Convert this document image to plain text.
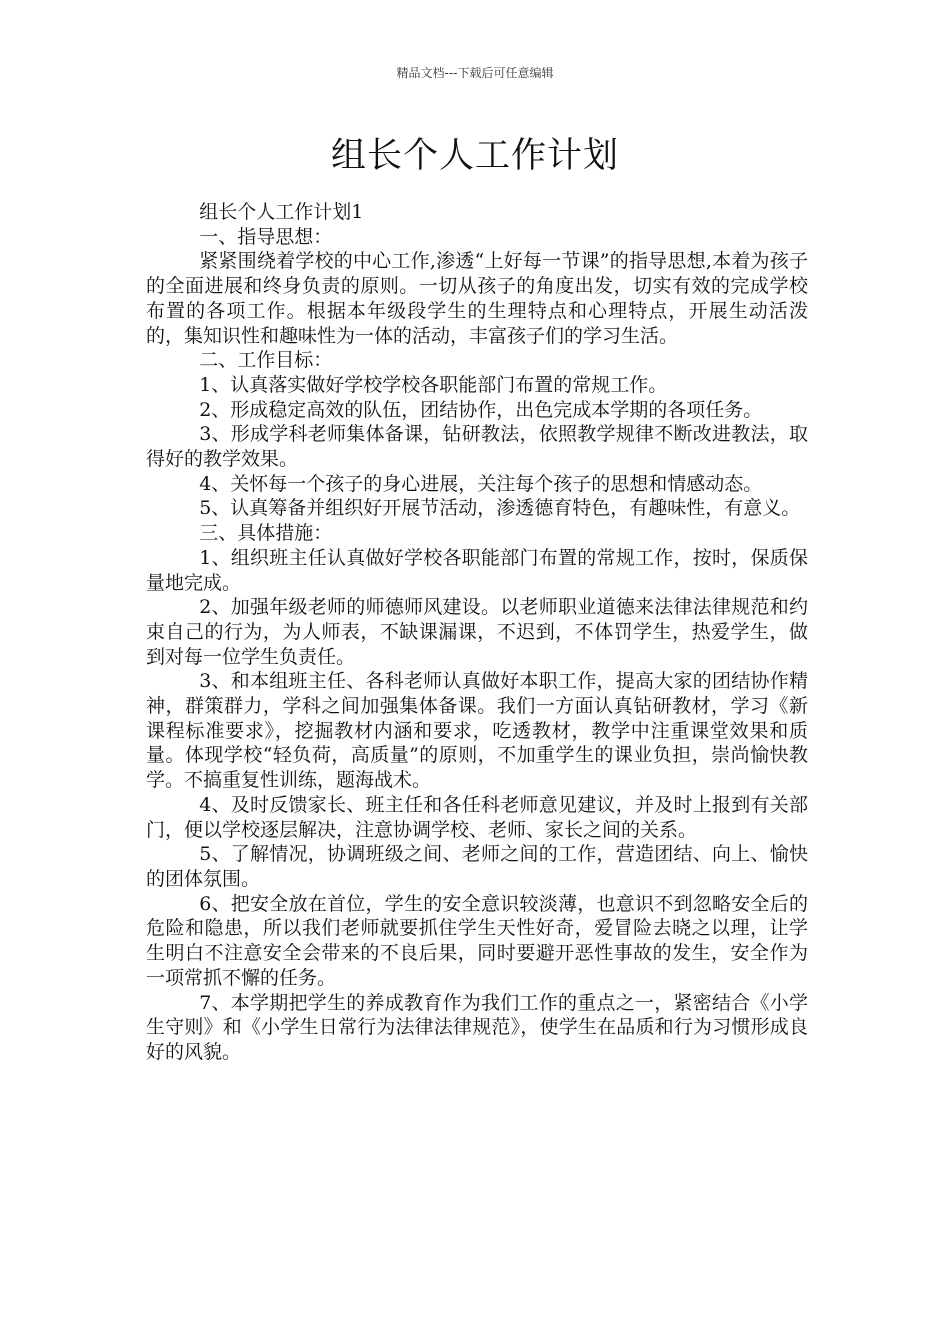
精品文档---下载后可任意编辑
组长个人工作计划

组长个人工作计划1

一、指导思想：

紧紧围绕着学校的中心工作,渗透“上好每一节课”的指导思想,本着为孩子的全面进展和终身负责的原则。一切从孩子的角度出发，切实有效的完成学校布置的各项工作。根据本年级段学生的生理特点和心理特点，开展生动活泼的，集知识性和趣味性为一体的活动，丰富孩子们的学习生活。

二、工作目标：

1、认真落实做好学校学校各职能部门布置的常规工作。

2、形成稳定高效的队伍，团结协作，出色完成本学期的各项任务。

3、形成学科老师集体备课，钻研教法，依照教学规律不断改进教法，取得好的教学效果。

4、关怀每一个孩子的身心进展，关注每个孩子的思想和情感动态。

5、认真筹备并组织好开展节活动，渗透德育特色，有趣味性，有意义。

三、具体措施：

1、组织班主任认真做好学校各职能部门布置的常规工作，按时，保质保量地完成。

2、加强年级老师的师德师风建设。以老师职业道德来法律法律规范和约束自己的行为，为人师表，不缺课漏课，不迟到，不体罚学生，热爱学生，做到对每一位学生负责任。

3、和本组班主任、各科老师认真做好本职工作，提高大家的团结协作精神，群策群力，学科之间加强集体备课。我们一方面认真钻研教材，学习《新课程标准要求》，挖掘教材内涵和要求，吃透教材，教学中注重课堂效果和质量。体现学校“轻负荷，高质量”的原则，不加重学生的课业负担，崇尚愉快教学。不搞重复性训练，题海战术。

4、及时反馈家长、班主任和各任科老师意见建议，并及时上报到有关部门，便以学校逐层解决，注意协调学校、老师、家长之间的关系。

5、了解情况，协调班级之间、老师之间的工作，营造团结、向上、愉快的团体氛围。

6、把安全放在首位，学生的安全意识较淡薄，也意识不到忽略安全后的危险和隐患，所以我们老师就要抓住学生天性好奇，爱冒险去晓之以理，让学生明白不注意安全会带来的不良后果，同时要避开恶性事故的发生，安全作为一项常抓不懈的任务。

7、本学期把学生的养成教育作为我们工作的重点之一，紧密结合《小学生守则》和《小学生日常行为法律法律规范》，使学生在品质和行为习惯形成良好的风貌。
